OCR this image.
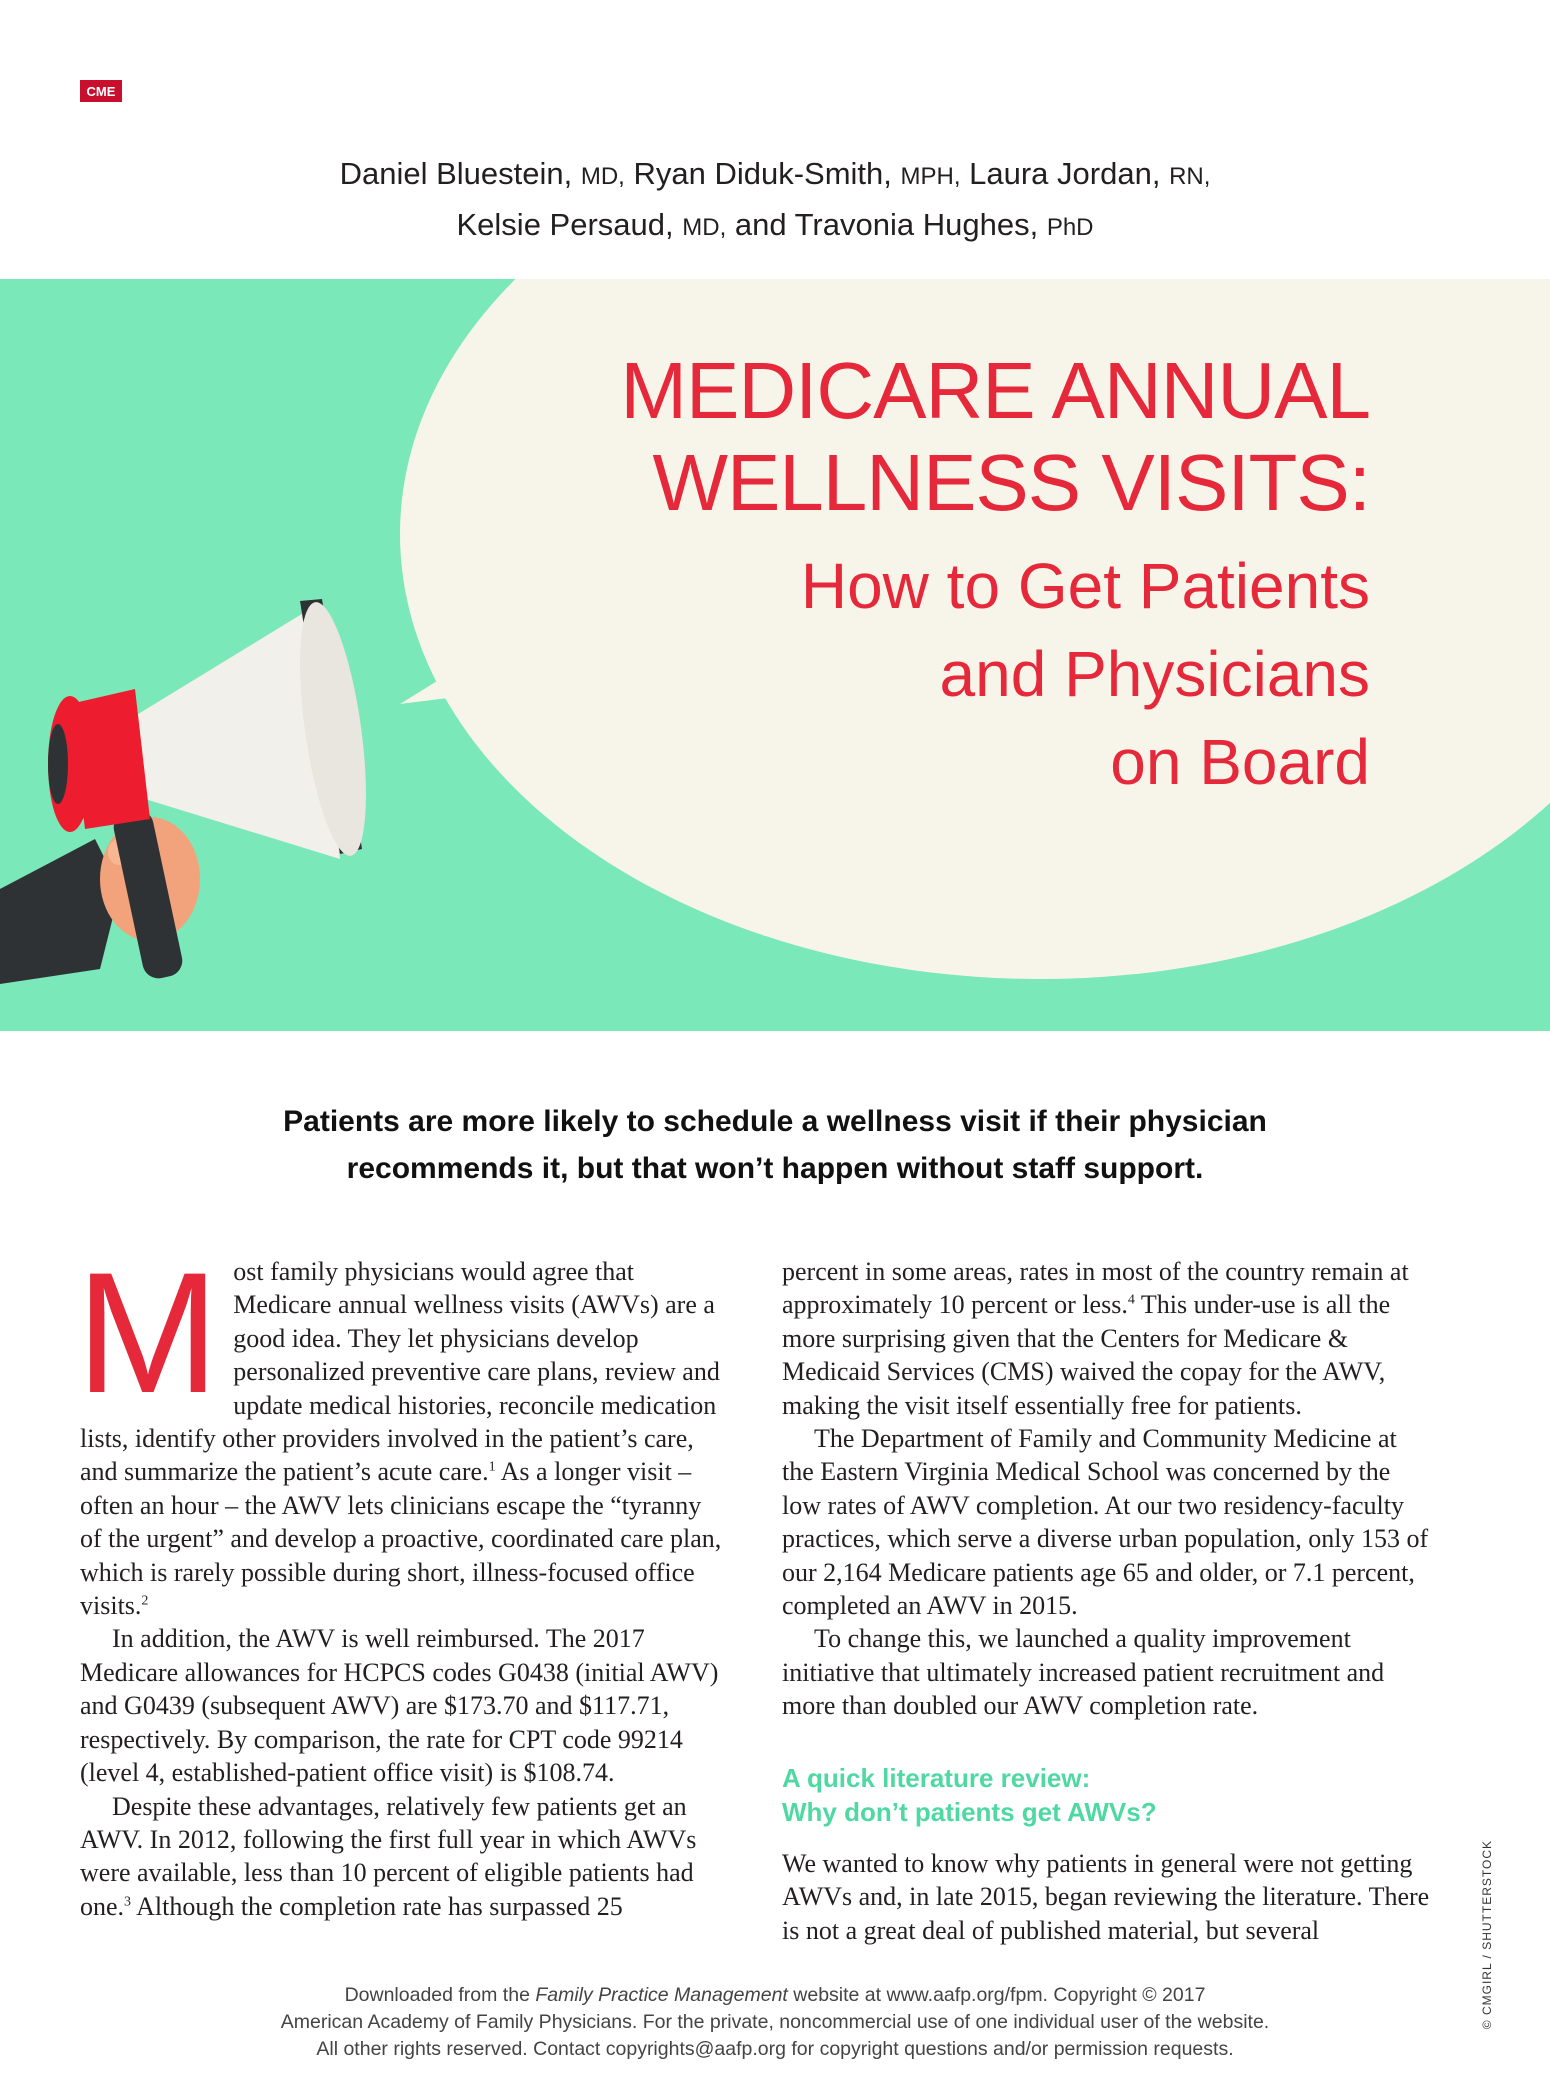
CME
Daniel Bluestein, MD, Ryan Diduk-Smith, MPH, Laura Jordan, RN,
Kelsie Persaud, MD, and Travonia Hughes, PhD
MEDICARE ANNUAL
WELLNESS VISITS:
How to Get Patients
and Physicians
on Board
Patients are more likely to schedule a wellness visit if their physician
recommends it, but that won’t happen without staff support.

Most family physicians would agree that Medicare annual wellness visits (AWVs) are a good idea. They let physicians develop personalized preventive care plans, review and update medical histories, reconcile medication lists, identify other providers involved in the patient’s care, and summarize the patient’s acute care.$^1$ As a longer visit – often an hour – the AWV lets clinicians escape the “tyranny of the urgent” and develop a proactive, coordinated care plan, which is rarely possible during short, illness-focused office visits.$^2$

In addition, the AWV is well reimbursed. The 2017 Medicare allowances for HCPCS codes G0438 (initial AWV) and G0439 (subsequent AWV) are $173.70 and $117.71, respectively. By comparison, the rate for CPT code 99214 (level 4, established-patient office visit) is $108.74.

Despite these advantages, relatively few patients get an AWV. In 2012, following the first full year in which AWVs were available, less than 10 percent of eligible patients had one.$^3$ Although the completion rate has surpassed 25

percent in some areas, rates in most of the country remain at approximately 10 percent or less.$^4$ This under-use is all the more surprising given that the Centers for Medicare & Medicaid Services (CMS) waived the copay for the AWV, making the visit itself essentially free for patients.

The Department of Family and Community Medicine at the Eastern Virginia Medical School was concerned by the low rates of AWV completion. At our two residency-faculty practices, which serve a diverse urban population, only 153 of our 2,164 Medicare patients age 65 and older, or 7.1 percent, completed an AWV in 2015.

To change this, we launched a quality improvement initiative that ultimately increased patient recruitment and more than doubled our AWV completion rate.

A quick literature review:
Why don’t patients get AWVs?

We wanted to know why patients in general were not getting AWVs and, in late 2015, began reviewing the literature. There is not a great deal of published material, but several

Downloaded from the Family Practice Management website at www.aafp.org/fpm. Copyright © 2017
American Academy of Family Physicians. For the private, noncommercial use of one individual user of the website.
All other rights reserved. Contact copyrights@aafp.org for copyright questions and/or permission requests.
© CMGIRL / SHUTTERSTOCK
